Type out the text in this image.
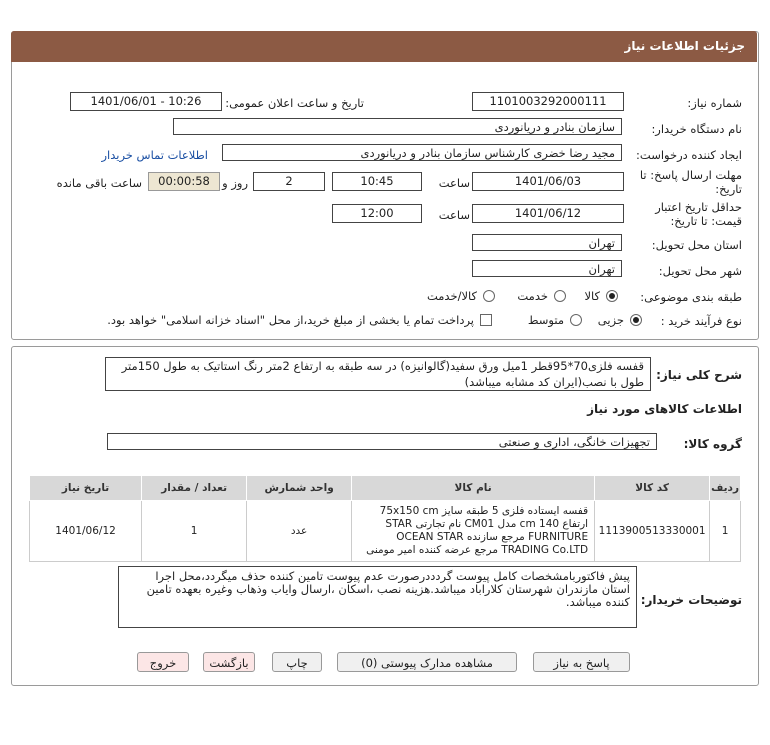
جزئیات اطلاعات نیاز
شماره نیاز:
1101003292000111
تاریخ و ساعت اعلان عمومی:
1401/06/01 - 10:26
نام دستگاه خریدار:
سازمان بنادر و دریانوردی
ایجاد کننده درخواست:
مجید رضا خضری کارشناس سازمان بنادر و دریانوردی
اطلاعات تماس خریدار
مهلت ارسال پاسخ: تا
تاریخ:
1401/06/03
ساعت
10:45
2
روز و
00:00:58
ساعت باقی مانده
حداقل تاریخ اعتبار
قیمت: تا تاریخ:
1401/06/12
ساعت
12:00
استان محل تحویل:
تهران
شهر محل تحویل:
تهران
طبقه بندی موضوعی:
کالا
خدمت
کالا/خدمت
نوع فرآیند خرید :
جزیی
متوسط
پرداخت تمام یا بخشی از مبلغ خرید،از محل "اسناد خزانه اسلامی" خواهد بود.
شرح کلی نیاز:
قفسه فلزی70*95قطر 1میل ورق سفید(گالوانیزه) در سه طبقه به ارتفاع 2متر رنگ استاتیک به طول 150متر طول با نصب(ایران کد مشابه میباشد)
اطلاعات کالاهای مورد نیاز
گروه کالا:
تجهیزات خانگی، اداری و صنعتی
ردیف	کد کالا	نام کالا	واحد شمارش	تعداد / مقدار	تاریخ نیاز
1	1113900513330001	قفسه ایستاده فلزی 5 طبقه سایز 75x150 cm ارتفاع 140 cm مدل CM01 نام تجارتی STAR FURNITURE مرجع سازنده OCEAN STAR TRADING Co.LTD مرجع عرضه کننده امیر مومنی	عدد	1	1401/06/12
توضیحات خریدار:
پیش فاکتوربامشخصات کامل پیوست گردددرصورت عدم پیوست تامین کننده حذف میگردد،محل اجرا استان مازندران شهرستان کلاراباد میباشد.هزینه نصب ،اسکان ،ارسال وایاب وذهاب وغیره بعهده تامین کننده میباشد.
پاسخ به نیاز
مشاهده مدارک پیوستی (0)
چاپ
بازگشت
خروج
